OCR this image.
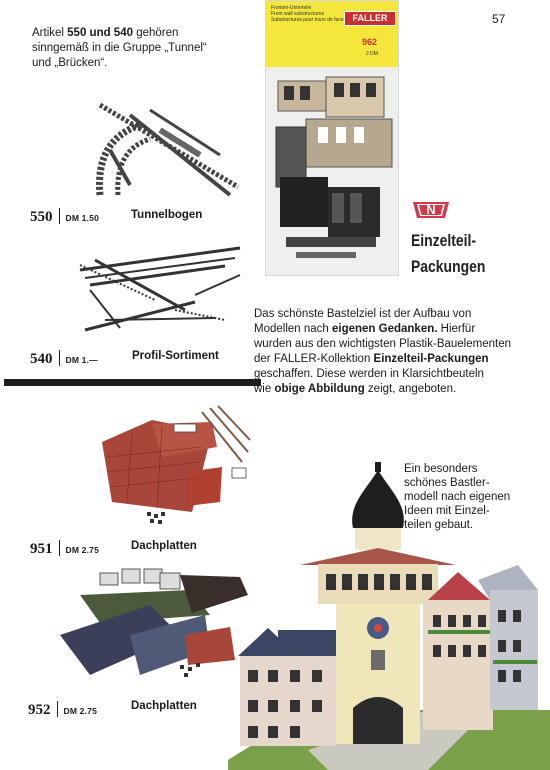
57
Artikel 550 und 540 gehören
sinngemäß in die Gruppe „Tunnel“
und „Brücken“.
550 DM 1.50	Tunnelbogen
540 DM 1.—	Profil-Sortiment
Fronten-Unterteile
Front wall substructures
Substructures pour murs de face FALLER
962
2 DM
N
Einzelteil-
Packungen
Das schönste Bastelziel ist der Aufbau von
Modellen nach eigenen Gedanken. Hierfür
wurden aus den wichtigsten Plastik-Bauelementen
der FALLER-Kollektion Einzelteil-Packungen
geschaffen. Diese werden in Klarsichtbeuteln
wie obige Abbildung zeigt, angeboten.
951 DM 2.75	Dachplatten
952 DM 2.75	Dachplatten
Ein besonders
schönes Bastler-
modell nach eigenen
Ideen mit Einzel-
teilen gebaut.
